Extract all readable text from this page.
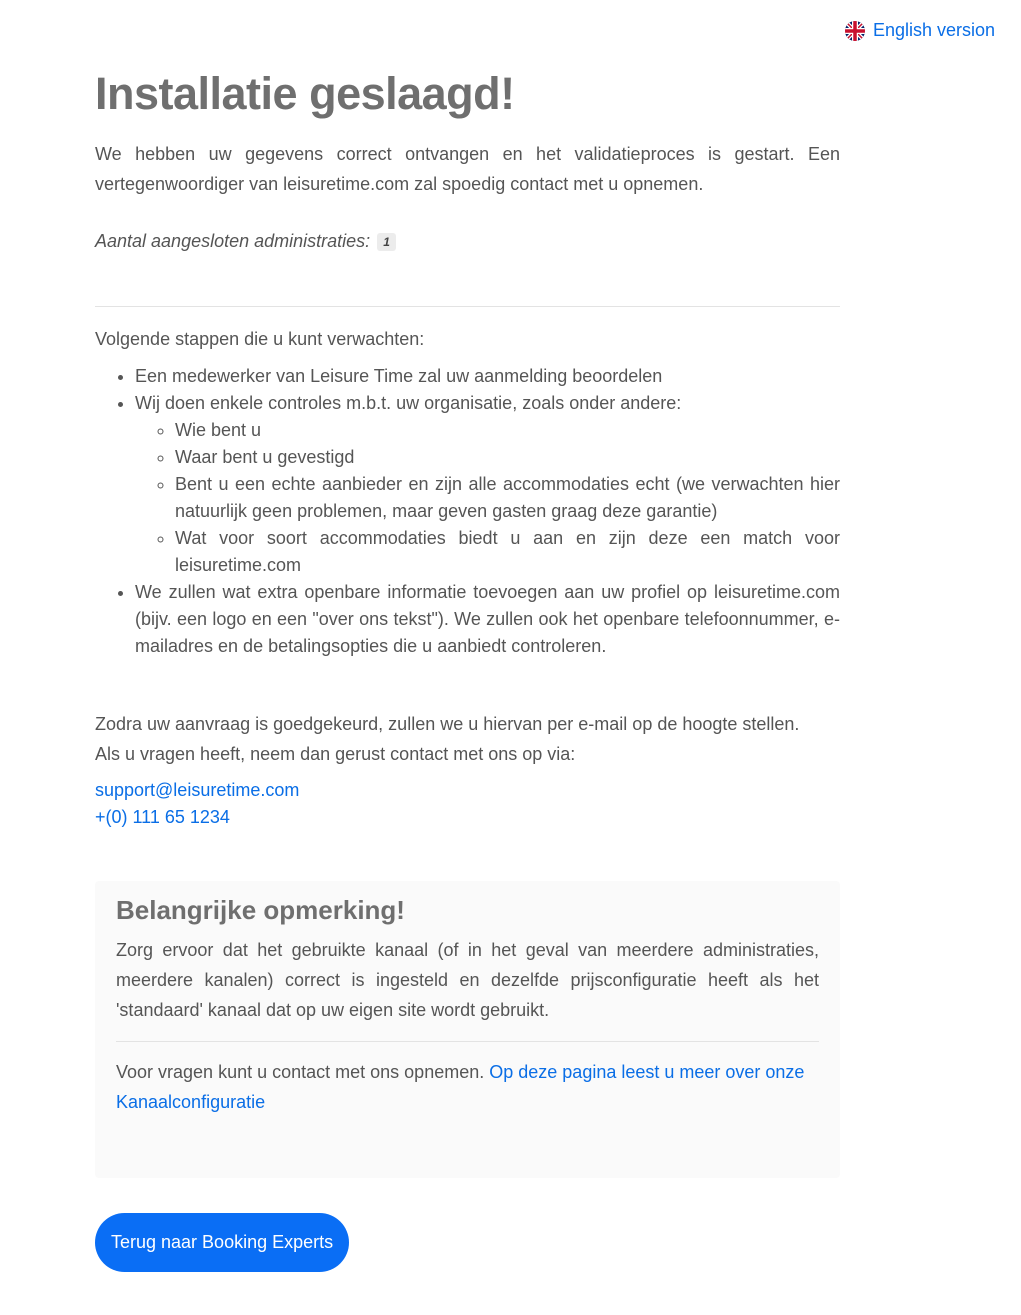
English version
Installatie geslaagd!

We hebben uw gegevens correct ontvangen en het validatieproces is gestart. Een vertegenwoordiger van leisuretime.com zal spoedig contact met u opnemen.

Aantal aangesloten administraties: 1

Volgende stappen die u kunt verwachten:

• Een medewerker van Leisure Time zal uw aanmelding beoordelen
• Wij doen enkele controles m.b.t. uw organisatie, zoals onder andere:
◦ Wie bent u
◦ Waar bent u gevestigd
◦ Bent u een echte aanbieder en zijn alle accommodaties echt (we verwachten hier natuurlijk geen problemen, maar geven gasten graag deze garantie)
◦ Wat voor soort accommodaties biedt u aan en zijn deze een match voor leisuretime.com
• We zullen wat extra openbare informatie toevoegen aan uw profiel op leisuretime.com (bijv. een logo en een "over ons tekst"). We zullen ook het openbare telefoonnummer, e-mailadres en de betalingsopties die u aanbiedt controleren.

Zodra uw aanvraag is goedgekeurd, zullen we u hiervan per e-mail op de hoogte stellen.
Als u vragen heeft, neem dan gerust contact met ons op via:

support@leisuretime.com
+(0) 111 65 1234
Belangrijke opmerking!

Zorg ervoor dat het gebruikte kanaal (of in het geval van meerdere administraties, meerdere kanalen) correct is ingesteld en dezelfde prijsconfiguratie heeft als het 'standaard' kanaal dat op uw eigen site wordt gebruikt.

Voor vragen kunt u contact met ons opnemen. Op deze pagina leest u meer over onze Kanaalconfiguratie

Terug naar Booking Experts
